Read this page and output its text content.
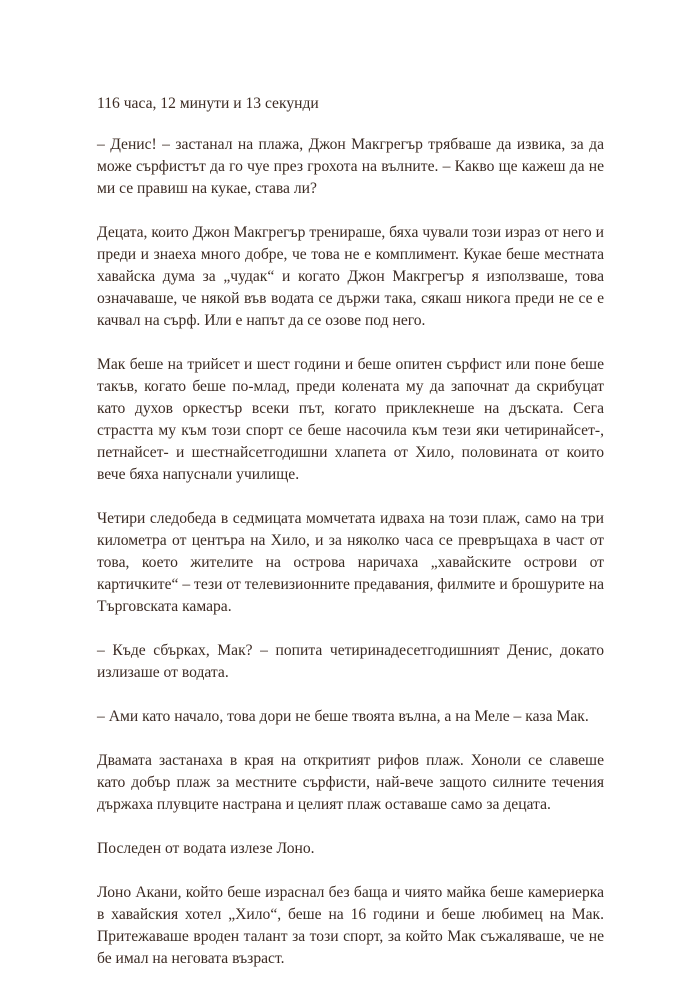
116 часа, 12 минути и 13 секунди

– Денис! – застанал на плажа, Джон Макгрегър трябваше да извика, за да може сърфистът да го чуе през грохота на вълните. – Какво ще кажеш да не ми се правиш на кукае, става ли?

Децата, които Джон Макгрегър тренираше, бяха чували този израз от него и преди и знаеха много добре, че това не е комплимент. Кукае беше местната хавайска дума за „чудак“ и когато Джон Макгрегър я използваше, това означаваше, че някой във водата се държи така, сякаш никога преди не се е качвал на сърф. Или е напът да се озове под него.

Мак беше на трийсет и шест години и беше опитен сърфист или поне беше такъв, когато беше по-млад, преди колената му да започнат да скрибуцат като духов оркестър всеки път, когато приклекнеше на дъската. Сега страстта му към този спорт се беше насочила към тези яки четиринайсет-, петнайсет- и шестнайсетгодишни хлапета от Хило, половината от които вече бяха напуснали училище.

Четири следобеда в седмицата момчетата идваха на този плаж, само на три километра от центъра на Хило, и за няколко часа се превръщаха в част от това, което жителите на острова наричаха „хавайските острови от картичките“ – тези от телевизионните предавания, филмите и брошурите на Търговската камара.

– Къде сбърках, Мак? – попита четиринадесетгодишният Денис, докато излизаше от водата.

– Ами като начало, това дори не беше твоята вълна, а на Меле – каза Мак.

Двамата застанаха в края на откритият рифов плаж. Хоноли се славеше като добър плаж за местните сърфисти, най-вече защото силните течения държаха плувците настрана и целият плаж оставаше само за децата.

Последен от водата излезе Лоно.

Лоно Акани, който беше израснал без баща и чиято майка беше камериерка в хавайския хотел „Хило“, беше на 16 години и беше любимец на Мак. Притежаваше вроден талант за този спорт, за който Мак съжаляваше, че не бе имал на неговата възраст.
